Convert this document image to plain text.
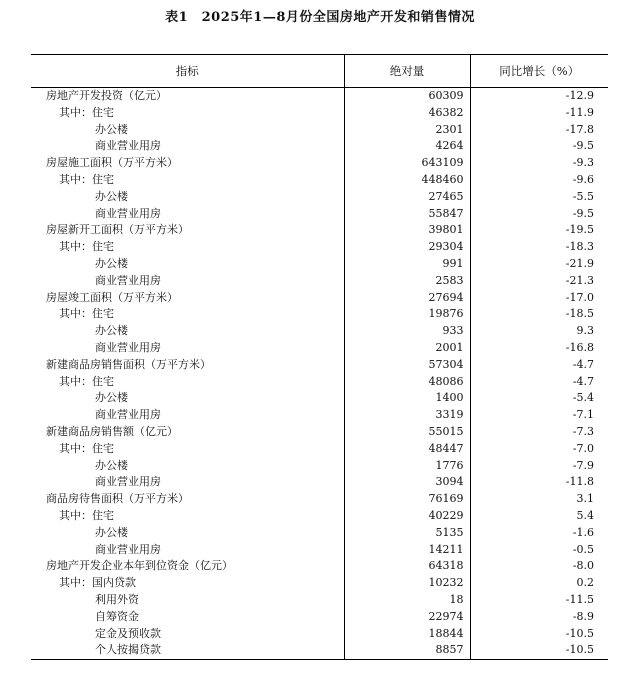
表1　2025年1—8月份全国房地产开发和销售情况
指标	绝对量	同比增长（%）
房地产开发投资（亿元）	60309	-12.9
其中：住宅	46382	-11.9
办公楼	2301	-17.8
商业营业用房	4264	-9.5
房屋施工面积（万平方米）	643109	-9.3
其中：住宅	448460	-9.6
办公楼	27465	-5.5
商业营业用房	55847	-9.5
房屋新开工面积（万平方米）	39801	-19.5
其中：住宅	29304	-18.3
办公楼	991	-21.9
商业营业用房	2583	-21.3
房屋竣工面积（万平方米）	27694	-17.0
其中：住宅	19876	-18.5
办公楼	933	9.3
商业营业用房	2001	-16.8
新建商品房销售面积（万平方米）	57304	-4.7
其中：住宅	48086	-4.7
办公楼	1400	-5.4
商业营业用房	3319	-7.1
新建商品房销售额（亿元）	55015	-7.3
其中：住宅	48447	-7.0
办公楼	1776	-7.9
商业营业用房	3094	-11.8
商品房待售面积（万平方米）	76169	3.1
其中：住宅	40229	5.4
办公楼	5135	-1.6
商业营业用房	14211	-0.5
房地产开发企业本年到位资金（亿元）	64318	-8.0
其中：国内贷款	10232	0.2
利用外资	18	-11.5
自筹资金	22974	-8.9
定金及预收款	18844	-10.5
个人按揭贷款	8857	-10.5
